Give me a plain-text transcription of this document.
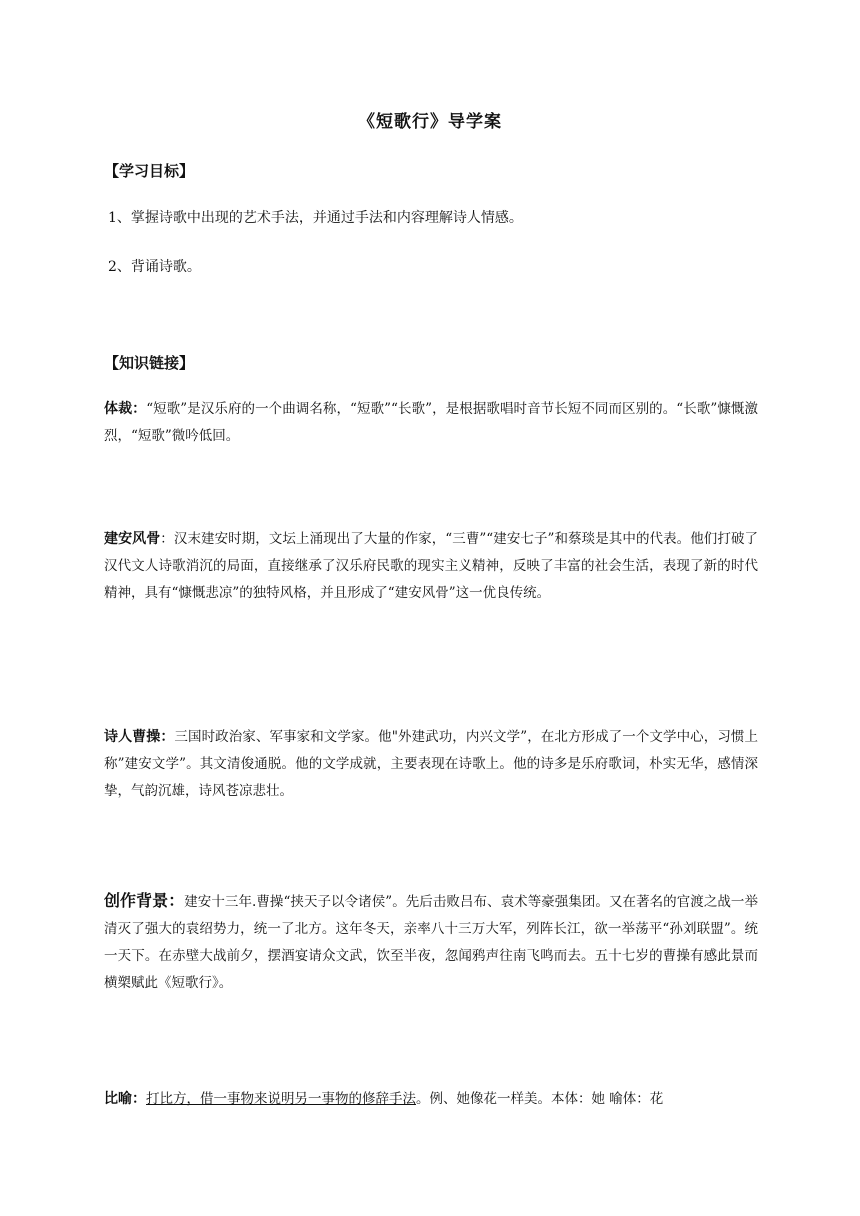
《短歌行》导学案
【学习目标】
1、掌握诗歌中出现的艺术手法，并通过手法和内容理解诗人情感。
2、背诵诗歌。
【知识链接】
体裁：“短歌”是汉乐府的一个曲调名称，“短歌”“长歌”，是根据歌唱时音节长短不同而区别的。“长歌”慷慨激烈，“短歌”微吟低回。
建安风骨：汉末建安时期，文坛上涌现出了大量的作家，“三曹”“建安七子”和蔡琰是其中的代表。他们打破了汉代文人诗歌消沉的局面，直接继承了汉乐府民歌的现实主义精神，反映了丰富的社会生活，表现了新的时代精神，具有“慷慨悲凉”的独特风格，并且形成了“建安风骨”这一优良传统。
诗人曹操：三国时政治家、军事家和文学家。他"外建武功，内兴文学”，在北方形成了一个文学中心，习惯上称”建安文学”。其文清俊通脱。他的文学成就，主要表现在诗歌上。他的诗多是乐府歌词，朴实无华，感情深挚，气韵沉雄，诗风苍凉悲壮。
创作背景：建安十三年.曹操“挟天子以令诸侯”。先后击败吕布、袁术等豪强集团。又在著名的官渡之战一举清灭了强大的袁绍势力，统一了北方。这年冬天，亲率八十三万大军，列阵长江，欲一举荡平“孙刘联盟”。统一天下。在赤壁大战前夕，摆酒宴请众文武，饮至半夜，忽闻鸦声往南飞鸣而去。五十七岁的曹操有感此景而横槊赋此《短歌行》。
比喻：打比方，借一事物来说明另一事物的修辞手法。例、她像花一样美。本体：她 喻体：花
